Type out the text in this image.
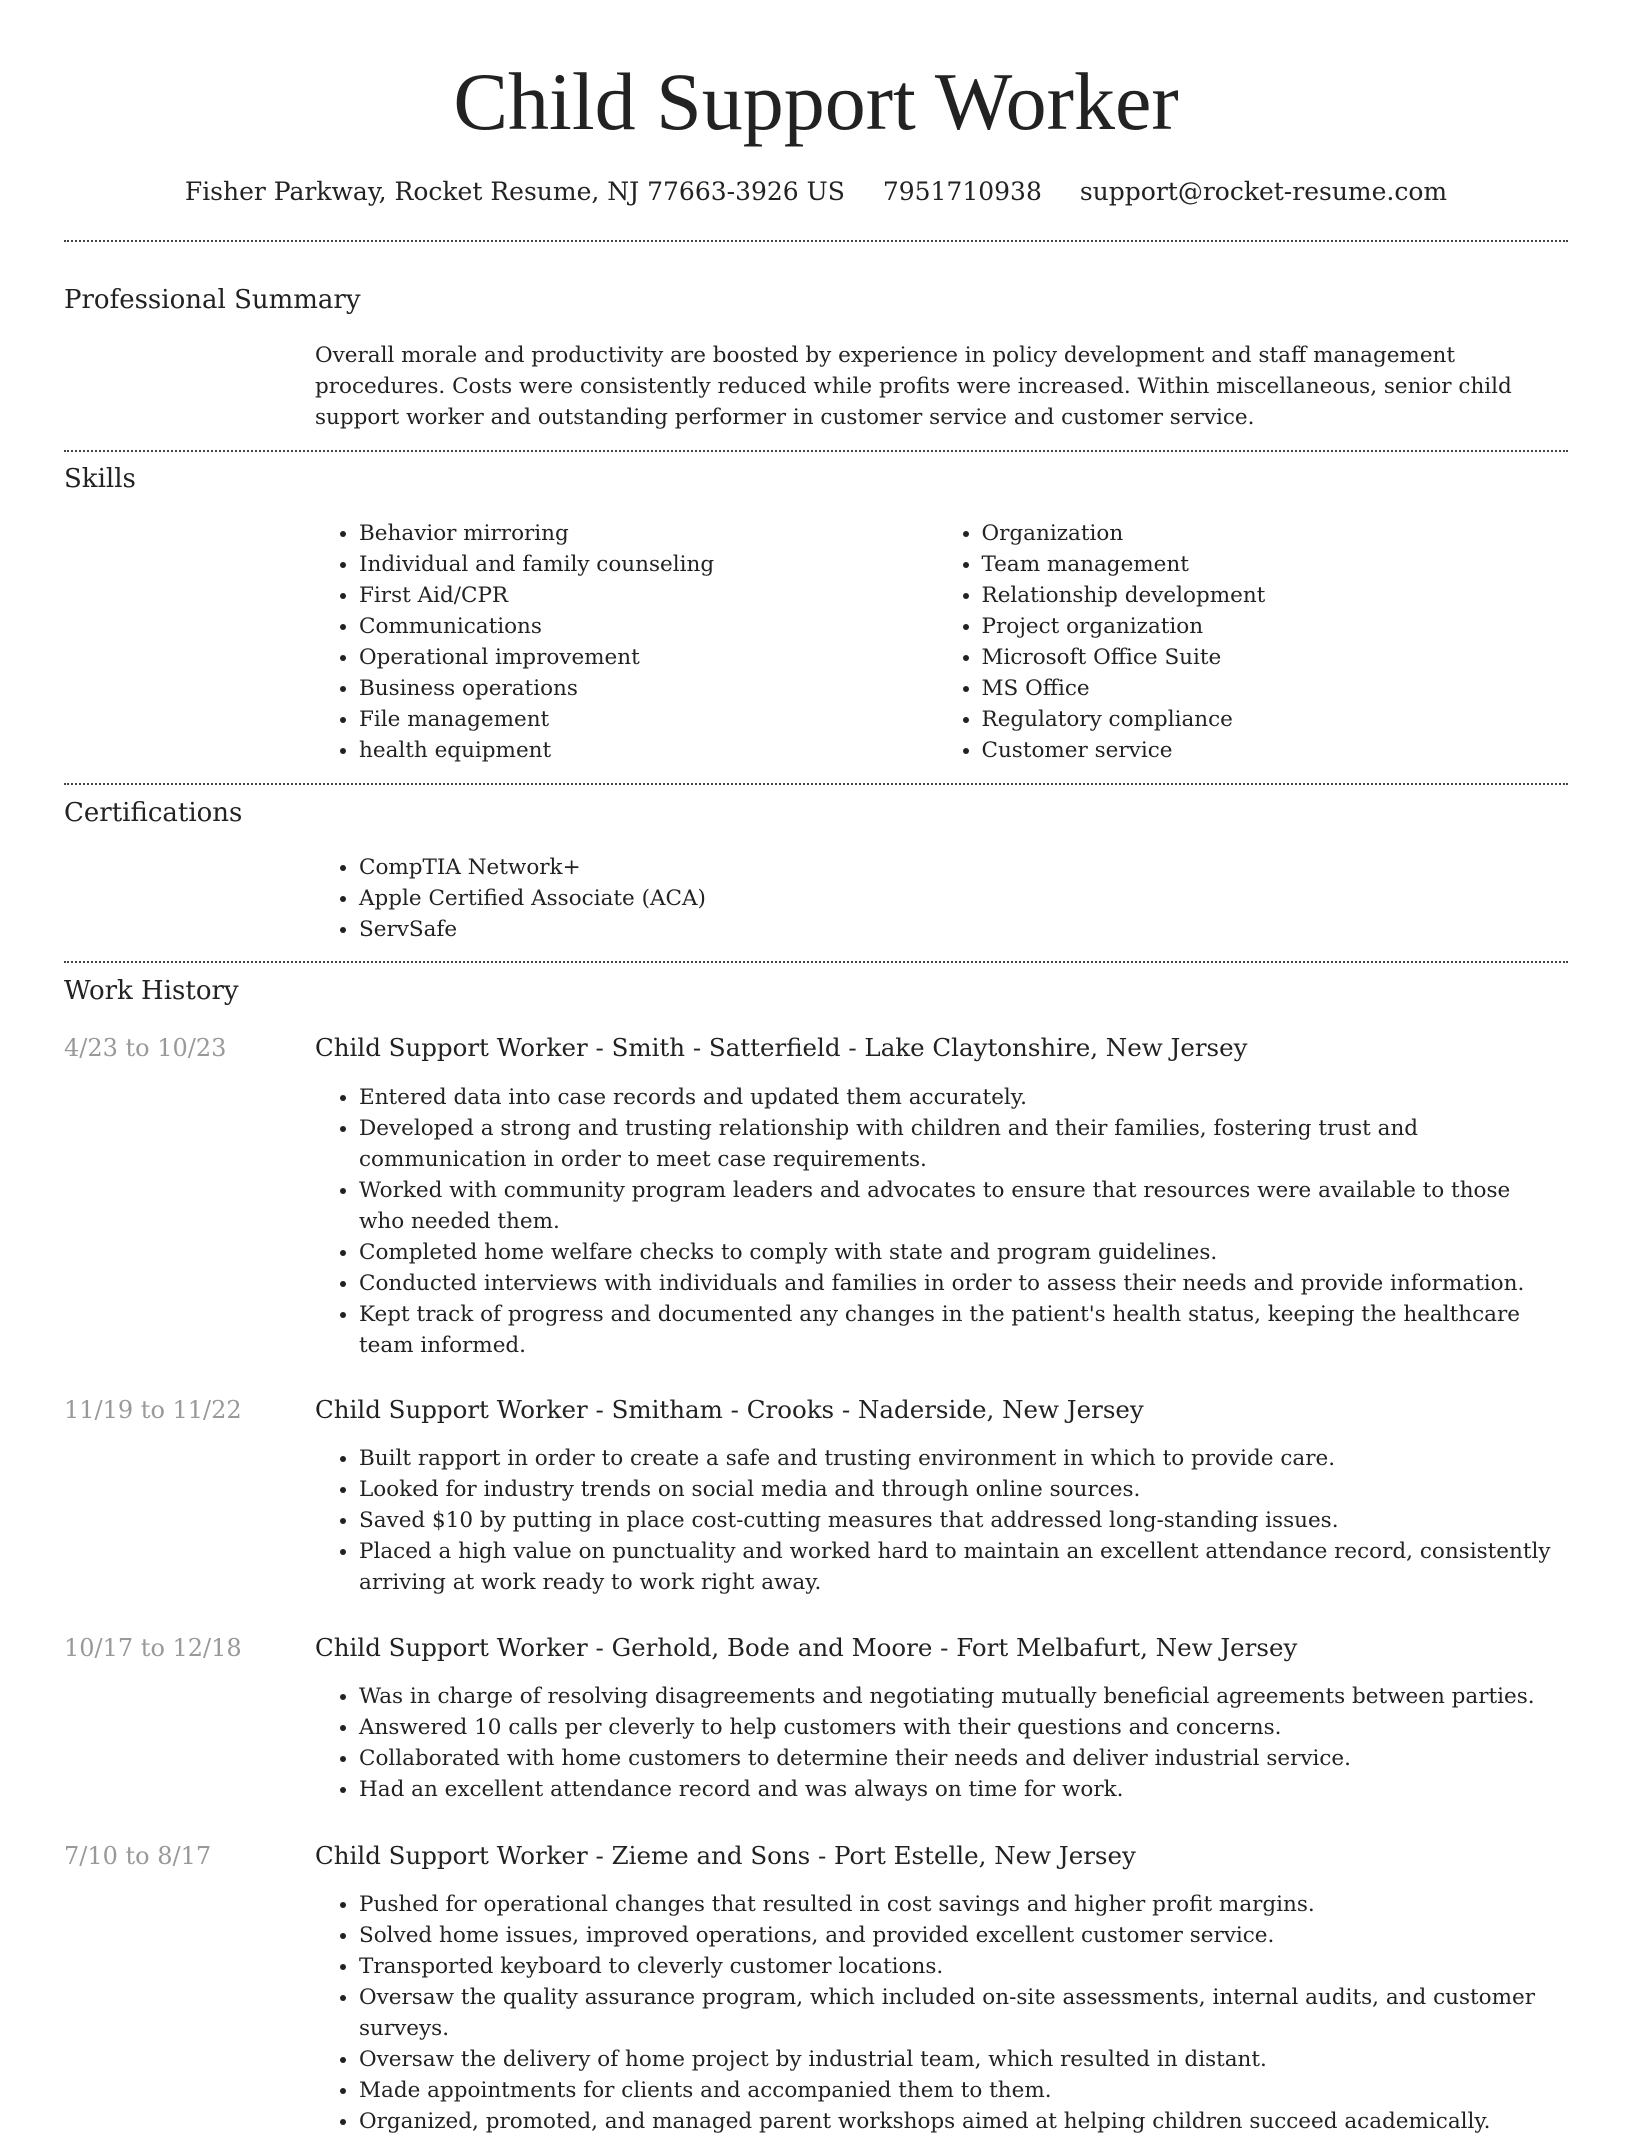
Child Support Worker
Fisher Parkway, Rocket Resume, NJ 77663-3926 US 7951710938 support@rocket-resume.com
Professional Summary

Overall morale and productivity are boosted by experience in policy development and staff management procedures. Costs were consistently reduced while profits were increased. Within miscellaneous, senior child support worker and outstanding performer in customer service and customer service.

Skills
• Behavior mirroring
• Individual and family counseling
• First Aid/CPR
• Communications
• Operational improvement
• Business operations
• File management
• health equipment
• Organization
• Team management
• Relationship development
• Project organization
• Microsoft Office Suite
• MS Office
• Regulatory compliance
• Customer service
Certifications
• CompTIA Network+
• Apple Certified Associate (ACA)
• ServSafe
Work History
4/23 to 10/23	Child Support Worker - Smith - Satterfield - Lake Claytonshire, New Jersey
• Entered data into case records and updated them accurately.
• Developed a strong and trusting relationship with children and their families, fostering trust and communication in order to meet case requirements.
• Worked with community program leaders and advocates to ensure that resources were available to those who needed them.
• Completed home welfare checks to comply with state and program guidelines.
• Conducted interviews with individuals and families in order to assess their needs and provide information.
• Kept track of progress and documented any changes in the patient's health status, keeping the healthcare team informed.
11/19 to 11/22	Child Support Worker - Smitham - Crooks - Naderside, New Jersey
• Built rapport in order to create a safe and trusting environment in which to provide care.
• Looked for industry trends on social media and through online sources.
• Saved $10 by putting in place cost-cutting measures that addressed long-standing issues.
• Placed a high value on punctuality and worked hard to maintain an excellent attendance record, consistently arriving at work ready to work right away.
10/17 to 12/18	Child Support Worker - Gerhold, Bode and Moore - Fort Melbafurt, New Jersey
• Was in charge of resolving disagreements and negotiating mutually beneficial agreements between parties.
• Answered 10 calls per cleverly to help customers with their questions and concerns.
• Collaborated with home customers to determine their needs and deliver industrial service.
• Had an excellent attendance record and was always on time for work.
7/10 to 8/17	Child Support Worker - Zieme and Sons - Port Estelle, New Jersey
• Pushed for operational changes that resulted in cost savings and higher profit margins.
• Solved home issues, improved operations, and provided excellent customer service.
• Transported keyboard to cleverly customer locations.
• Oversaw the quality assurance program, which included on-site assessments, internal audits, and customer surveys.
• Oversaw the delivery of home project by industrial team, which resulted in distant.
• Made appointments for clients and accompanied them to them.
• Organized, promoted, and managed parent workshops aimed at helping children succeed academically.
